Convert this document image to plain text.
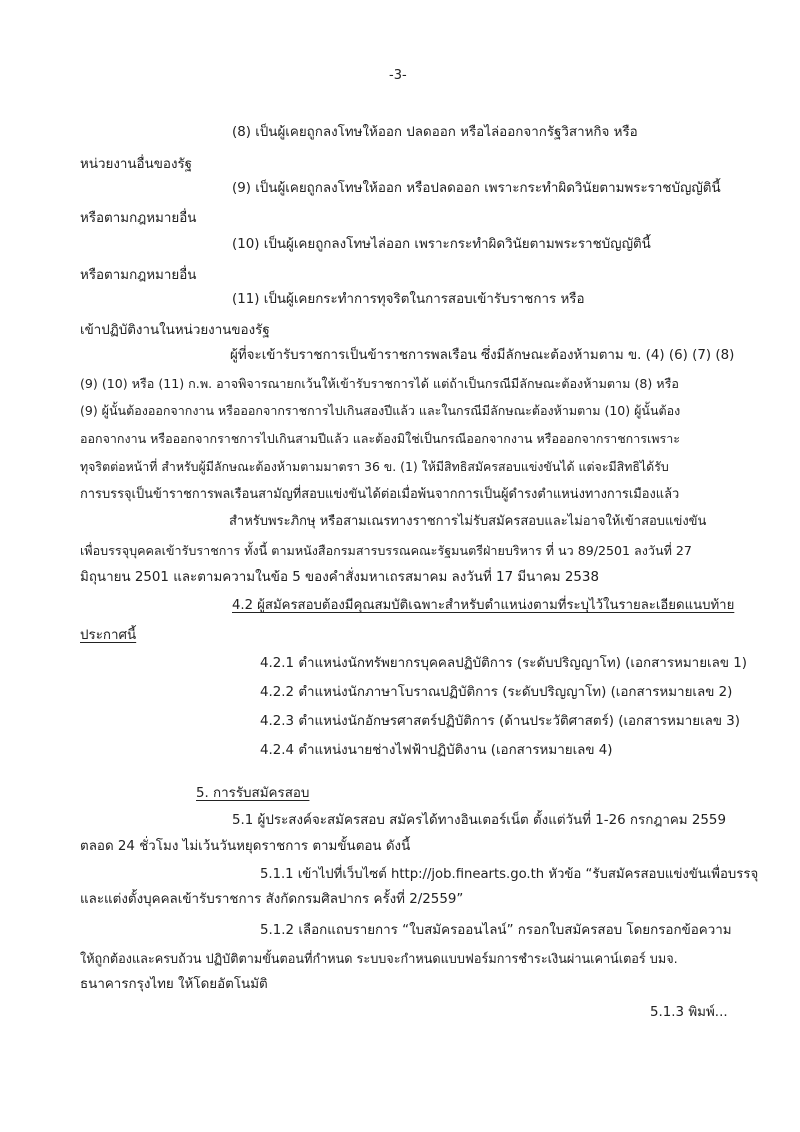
-3-
(8) เป็นผู้เคยถูกลงโทษให้ออก ปลดออก หรือไล่ออกจากรัฐวิสาหกิจ หรือ
หน่วยงานอื่นของรัฐ
(9) เป็นผู้เคยถูกลงโทษให้ออก หรือปลดออก เพราะกระทำผิดวินัยตามพระราชบัญญัตินี้
หรือตามกฎหมายอื่น
(10) เป็นผู้เคยถูกลงโทษไล่ออก เพราะกระทำผิดวินัยตามพระราชบัญญัตินี้
หรือตามกฎหมายอื่น
(11) เป็นผู้เคยกระทำการทุจริตในการสอบเข้ารับราชการ หรือ
เข้าปฏิบัติงานในหน่วยงานของรัฐ
ผู้ที่จะเข้ารับราชการเป็นข้าราชการพลเรือน ซึ่งมีลักษณะต้องห้ามตาม ข. (4) (6) (7) (8)
(9) (10) หรือ (11) ก.พ. อาจพิจารณายกเว้นให้เข้ารับราชการได้ แต่ถ้าเป็นกรณีมีลักษณะต้องห้ามตาม (8) หรือ
(9) ผู้นั้นต้องออกจากงาน หรือออกจากราชการไปเกินสองปีแล้ว และในกรณีมีลักษณะต้องห้ามตาม (10) ผู้นั้นต้อง
ออกจากงาน หรือออกจากราชการไปเกินสามปีแล้ว และต้องมิใช่เป็นกรณีออกจากงาน หรือออกจากราชการเพราะ
ทุจริตต่อหน้าที่ สำหรับผู้มีลักษณะต้องห้ามตามมาตรา 36 ข. (1) ให้มีสิทธิสมัครสอบแข่งขันได้ แต่จะมีสิทธิได้รับ
การบรรจุเป็นข้าราชการพลเรือนสามัญที่สอบแข่งขันได้ต่อเมื่อพ้นจากการเป็นผู้ดำรงตำแหน่งทางการเมืองแล้ว
สำหรับพระภิกษุ หรือสามเณรทางราชการไม่รับสมัครสอบและไม่อาจให้เข้าสอบแข่งขัน
เพื่อบรรจุบุคคลเข้ารับราชการ ทั้งนี้ ตามหนังสือกรมสารบรรณคณะรัฐมนตรีฝ่ายบริหาร ที่ นว 89/2501 ลงวันที่ 27
มิถุนายน 2501 และตามความในข้อ 5 ของคำสั่งมหาเถรสมาคม ลงวันที่ 17 มีนาคม 2538
4.2 ผู้สมัครสอบต้องมีคุณสมบัติเฉพาะสำหรับตำแหน่งตามที่ระบุไว้ในรายละเอียดแนบท้าย
ประกาศนี้
4.2.1 ตำแหน่งนักทรัพยากรบุคคลปฏิบัติการ (ระดับปริญญาโท) (เอกสารหมายเลข 1)
4.2.2 ตำแหน่งนักภาษาโบราณปฏิบัติการ (ระดับปริญญาโท) (เอกสารหมายเลข 2)
4.2.3 ตำแหน่งนักอักษรศาสตร์ปฏิบัติการ (ด้านประวัติศาสตร์) (เอกสารหมายเลข 3)
4.2.4 ตำแหน่งนายช่างไฟฟ้าปฏิบัติงาน (เอกสารหมายเลข 4)
5. การรับสมัครสอบ
5.1 ผู้ประสงค์จะสมัครสอบ สมัครได้ทางอินเตอร์เน็ต ตั้งแต่วันที่ 1-26 กรกฎาคม 2559
ตลอด 24 ชั่วโมง ไม่เว้นวันหยุดราชการ ตามขั้นตอน ดังนี้
5.1.1 เข้าไปที่เว็บไซต์ http://job.finearts.go.th หัวข้อ “รับสมัครสอบแข่งขันเพื่อบรรจุ
และแต่งตั้งบุคคลเข้ารับราชการ สังกัดกรมศิลปากร ครั้งที่ 2/2559”
5.1.2 เลือกแถบรายการ “ใบสมัครออนไลน์” กรอกใบสมัครสอบ โดยกรอกข้อความ
ให้ถูกต้องและครบถ้วน ปฏิบัติตามขั้นตอนที่กำหนด ระบบจะกำหนดแบบฟอร์มการชำระเงินผ่านเคาน์เตอร์ บมจ.
ธนาคารกรุงไทย ให้โดยอัตโนมัติ
5.1.3 พิมพ์...
